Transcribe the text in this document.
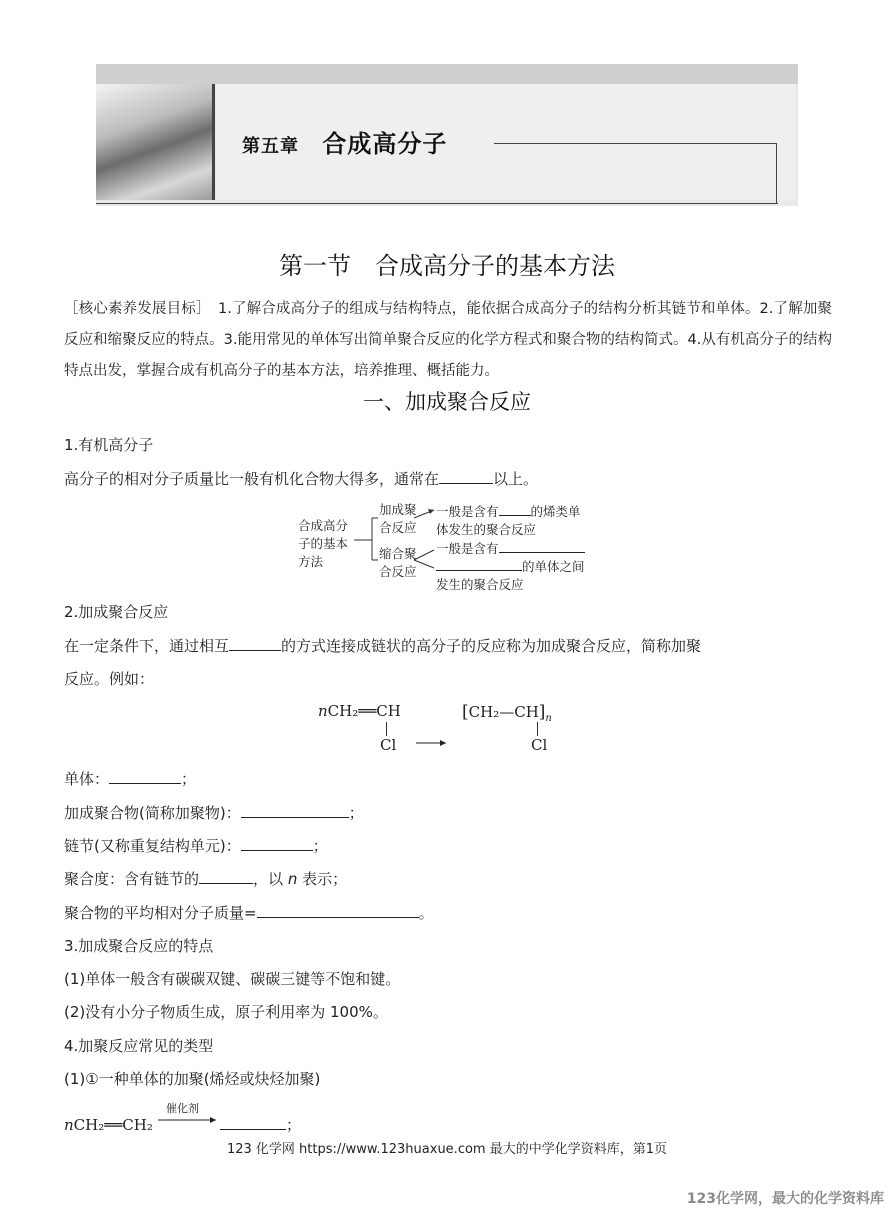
第五章 合成高分子
第一节　合成高分子的基本方法
［核心素养发展目标］　1.了解合成高分子的组成与结构特点，能依据合成高分子的结构分析其链节和单体。2.了解加聚反应和缩聚反应的特点。3.能用常见的单体写出简单聚合反应的化学方程式和聚合物的结构简式。4.从有机高分子的结构特点出发，掌握合成有机高分子的基本方法，培养推理、概括能力。
一、加成聚合反应
1.有机高分子
高分子的相对分子质量比一般有机化合物大得多，通常在	以上。
合成高分
子的基本
方法
加成聚
合反应
一般是含有	的烯类单
体发生的聚合反应
缩合聚
合反应
一般是含有
的单体之间
发生的聚合反应
2.加成聚合反应
在一定条件下，通过相互	的方式连接成链状的高分子的反应称为加成聚合反应，简称加聚
反应。例如：
nCH₂══CH
Cl →
$[CH_2—CH]_n$
Cl
单体：	；
加成聚合物(简称加聚物)：	；
链节(又称重复结构单元)：	；
聚合度：含有链节的	，以 n 表示；
聚合物的平均相对分子质量=	。
3.加成聚合反应的特点
(1)单体一般含有碳碳双键、碳碳三键等不饱和键。
(2)没有小分子物质生成，原子利用率为 100%。
4.加聚反应常见的类型
(1)①一种单体的加聚(烯烃或炔烃加聚)
nCH₂══CH₂
催化剂
；
123 化学网 https://www.123huaxue.com 最大的中学化学资料库，第1页
123化学网，最大的化学资料库
